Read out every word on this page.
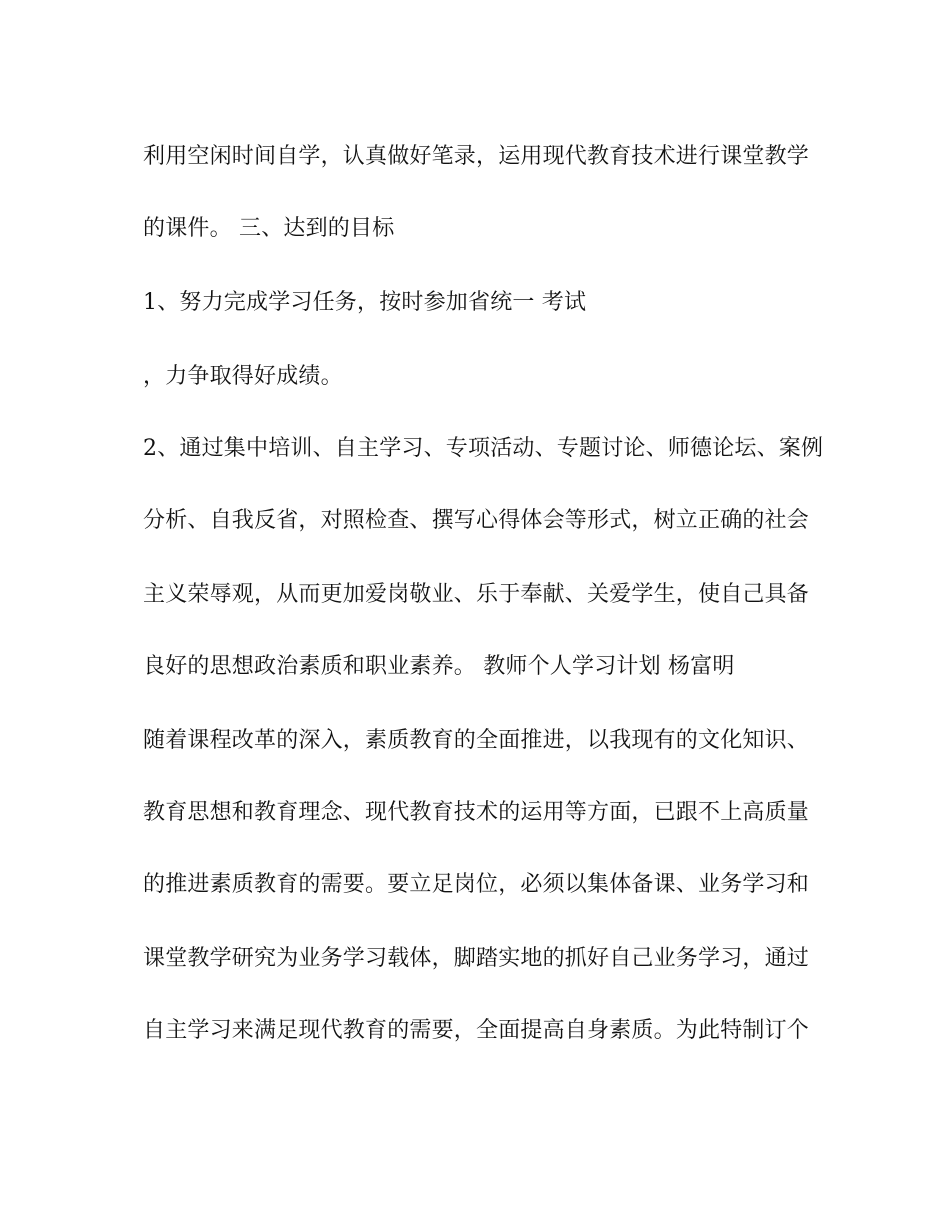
利用空闲时间自学，认真做好笔录，运用现代教育技术进行课堂教学
的课件。 三、达到的目标
1、努力完成学习任务，按时参加省统一 考试
，力争取得好成绩。
2、通过集中培训、自主学习、专项活动、专题讨论、师德论坛、案例
分析、自我反省，对照检查、撰写心得体会等形式，树立正确的社会
主义荣辱观，从而更加爱岗敬业、乐于奉献、关爱学生，使自己具备
良好的思想政治素质和职业素养。 教师个人学习计划 杨富明
随着课程改革的深入，素质教育的全面推进，以我现有的文化知识、
教育思想和教育理念、现代教育技术的运用等方面，已跟不上高质量
的推进素质教育的需要。要立足岗位，必须以集体备课、业务学习和
课堂教学研究为业务学习载体，脚踏实地的抓好自己业务学习，通过
自主学习来满足现代教育的需要，全面提高自身素质。为此特制订个
